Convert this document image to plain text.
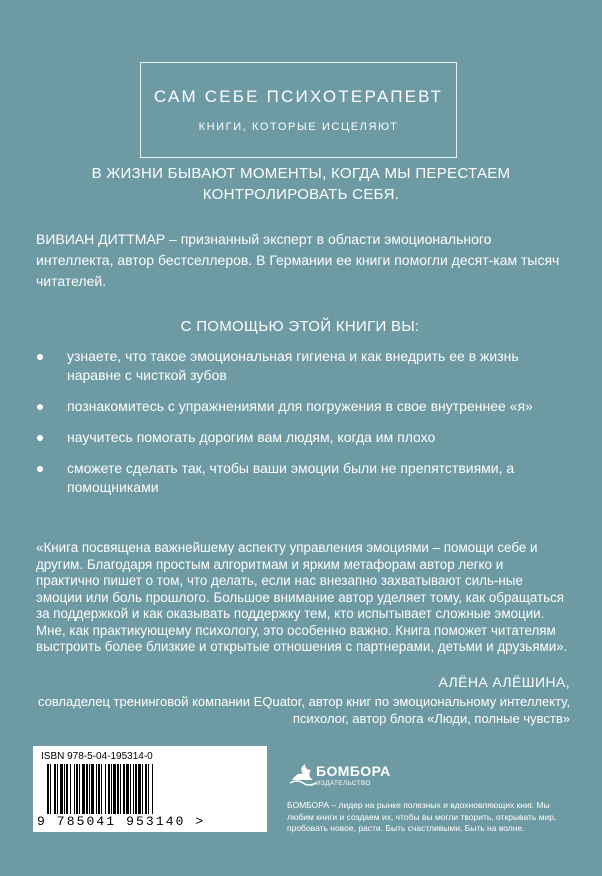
САМ СЕБЕ ПСИХОТЕРАПЕВТ
КНИГИ, КОТОРЫЕ ИСЦЕЛЯЮТ
В ЖИЗНИ БЫВАЮТ МОМЕНТЫ, КОГДА МЫ ПЕРЕСТАЕМ КОНТРОЛИРОВАТЬ СЕБЯ.
ВИВИАН ДИТТМАР – признанный эксперт в области эмоционального интеллекта, автор бестселлеров. В Германии ее книги помогли десят-кам тысяч читателей.
С ПОМОЩЬЮ ЭТОЙ КНИГИ ВЫ:
узнаете, что такое эмоциональная гигиена и как внедрить ее в жизнь наравне с чисткой зубов
познакомитесь с упражнениями для погружения в свое внутреннее «я»
научитесь помогать дорогим вам людям, когда им плохо
сможете сделать так, чтобы ваши эмоции были не препятствиями, а помощниками
«Книга посвящена важнейшему аспекту управления эмоциями – помощи себе и другим. Благодаря простым алгоритмам и ярким метафорам автор легко и практично пишет о том, что делать, если нас внезапно захватывают силь-ные эмоции или боль прошлого. Большое внимание автор уделяет тому, как обращаться за поддержкой и как оказывать поддержку тем, кто испытывает сложные эмоции. Мне, как практикующему психологу, это особенно важно. Книга поможет читателям выстроить более близкие и открытые отношения с партнерами, детьми и друзьями».
АЛЁНА АЛЁШИНА,
совладелец тренинговой компании EQuator, автор книг по эмоциональному интеллекту, психолог, автор блога «Люди, полные чувств»
ISBN 978-5-04-195314-0
9 785041 953140 >
БОМБОРА
ИЗДАТЕЛЬСТВО
БОМБОРА – лидер на рынке полезных и вдохновляющих книг. Мы любим книги и создаем их, чтобы вы могли творить, открывать мир, пробовать новое, расти. Быть счастливыми. Быть на волне.
